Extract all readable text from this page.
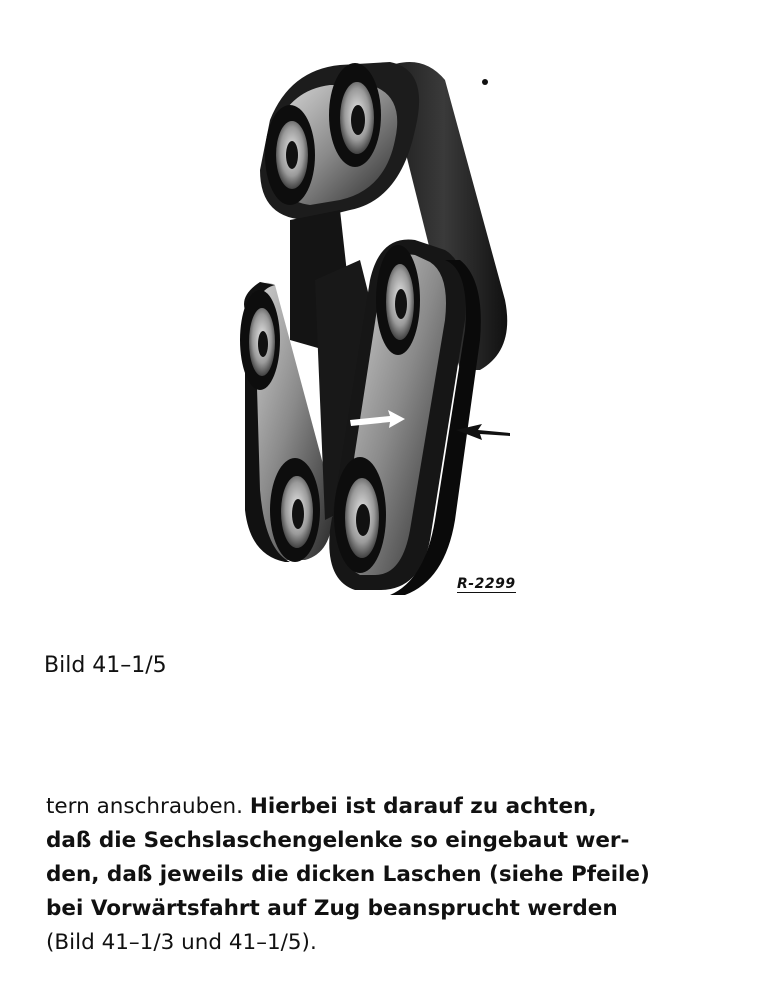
R-2299
Bild 41–1/5
tern anschrauben. Hierbei ist darauf zu achten,
daß die Sechslaschengelenke so eingebaut wer-
den, daß jeweils die dicken Laschen (siehe Pfeile)
bei Vorwärtsfahrt auf Zug beansprucht werden
(Bild 41–1/3 und 41–1/5).
